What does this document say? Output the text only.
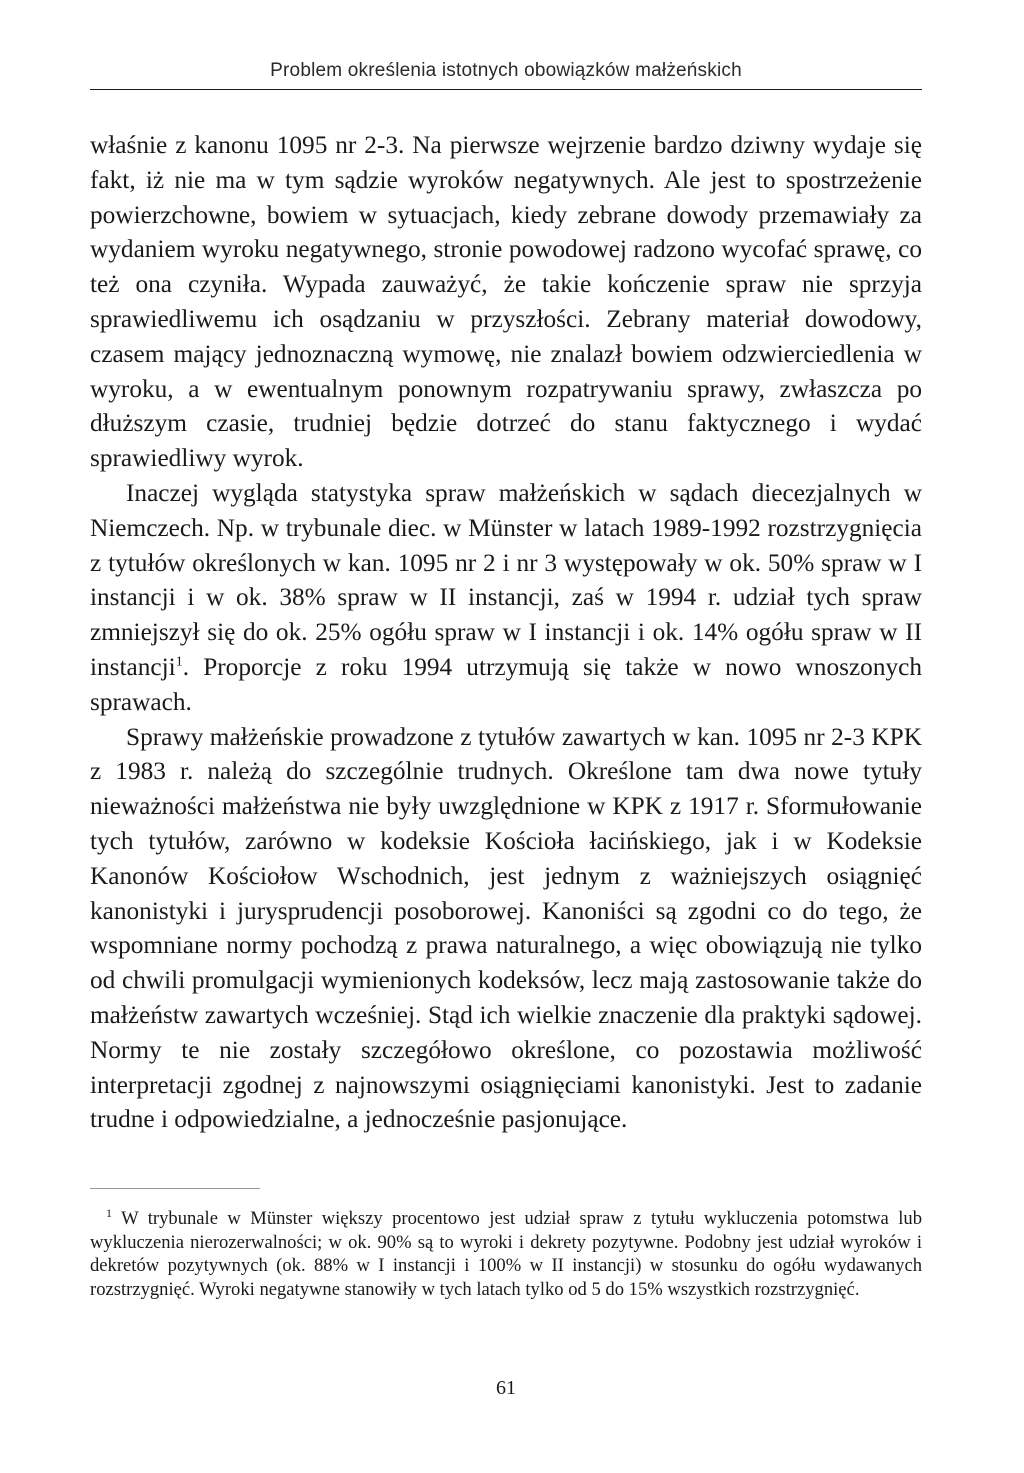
Problem określenia istotnych obowiązków małżeńskich

właśnie z kanonu 1095 nr 2-3. Na pierwsze wejrzenie bardzo dziwny wydaje się fakt, iż nie ma w tym sądzie wyroków negatywnych. Ale jest to spostrzeżenie powierzchowne, bowiem w sytuacjach, kiedy zebrane dowody przemawiały za wydaniem wyroku negatywnego, stronie powodowej radzono wycofać sprawę, co też ona czyniła. Wypada zauważyć, że takie kończenie spraw nie sprzyja sprawiedliwemu ich osądzaniu w przyszłości. Zebrany materiał dowodowy, czasem mający jednoznaczną wymowę, nie znalazł bowiem odzwierciedlenia w wyroku, a w ewentualnym ponownym rozpatrywaniu sprawy, zwłaszcza po dłuższym czasie, trudniej będzie dotrzeć do stanu faktycznego i wydać sprawiedliwy wyrok.

Inaczej wygląda statystyka spraw małżeńskich w sądach diecezjalnych w Niemczech. Np. w trybunale diec. w Münster w latach 1989-1992 rozstrzygnięcia z tytułów określonych w kan. 1095 nr 2 i nr 3 występowały w ok. 50% spraw w I instancji i w ok. 38% spraw w II instancji, zaś w 1994 r. udział tych spraw zmniejszył się do ok. 25% ogółu spraw w I instancji i ok. 14% ogółu spraw w II instancji$^1$. Proporcje z roku 1994 utrzymują się także w nowo wnoszonych sprawach.

Sprawy małżeńskie prowadzone z tytułów zawartych w kan. 1095 nr 2-3 KPK z 1983 r. należą do szczególnie trudnych. Określone tam dwa nowe tytuły nieważności małżeństwa nie były uwzględnione w KPK z 1917 r. Sformułowanie tych tytułów, zarówno w kodeksie Kościoła łacińskiego, jak i w Kodeksie Kanonów Kościołow Wschodnich, jest jednym z ważniejszych osiągnięć kanonistyki i jurysprudencji posoborowej. Kanoniści są zgodni co do tego, że wspomniane normy pochodzą z prawa naturalnego, a więc obowiązują nie tylko od chwili promulgacji wymienionych kodeksów, lecz mają zastosowanie także do małżeństw zawartych wcześniej. Stąd ich wielkie znaczenie dla praktyki sądowej. Normy te nie zostały szczegółowo określone, co pozostawia możliwość interpretacji zgodnej z najnowszymi osiągnięciami kanonistyki. Jest to zadanie trudne i odpowiedzialne, a jednocześnie pasjonujące.

$^1$ W trybunale w Münster większy procentowo jest udział spraw z tytułu wykluczenia potomstwa lub wykluczenia nierozerwalności; w ok. 90% są to wyroki i dekrety pozytywne. Podobny jest udział wyroków i dekretów pozytywnych (ok. 88% w I instancji i 100% w II instancji) w stosunku do ogółu wydawanych rozstrzygnięć. Wyroki negatywne stanowiły w tych latach tylko od 5 do 15% wszystkich rozstrzygnięć.

61
